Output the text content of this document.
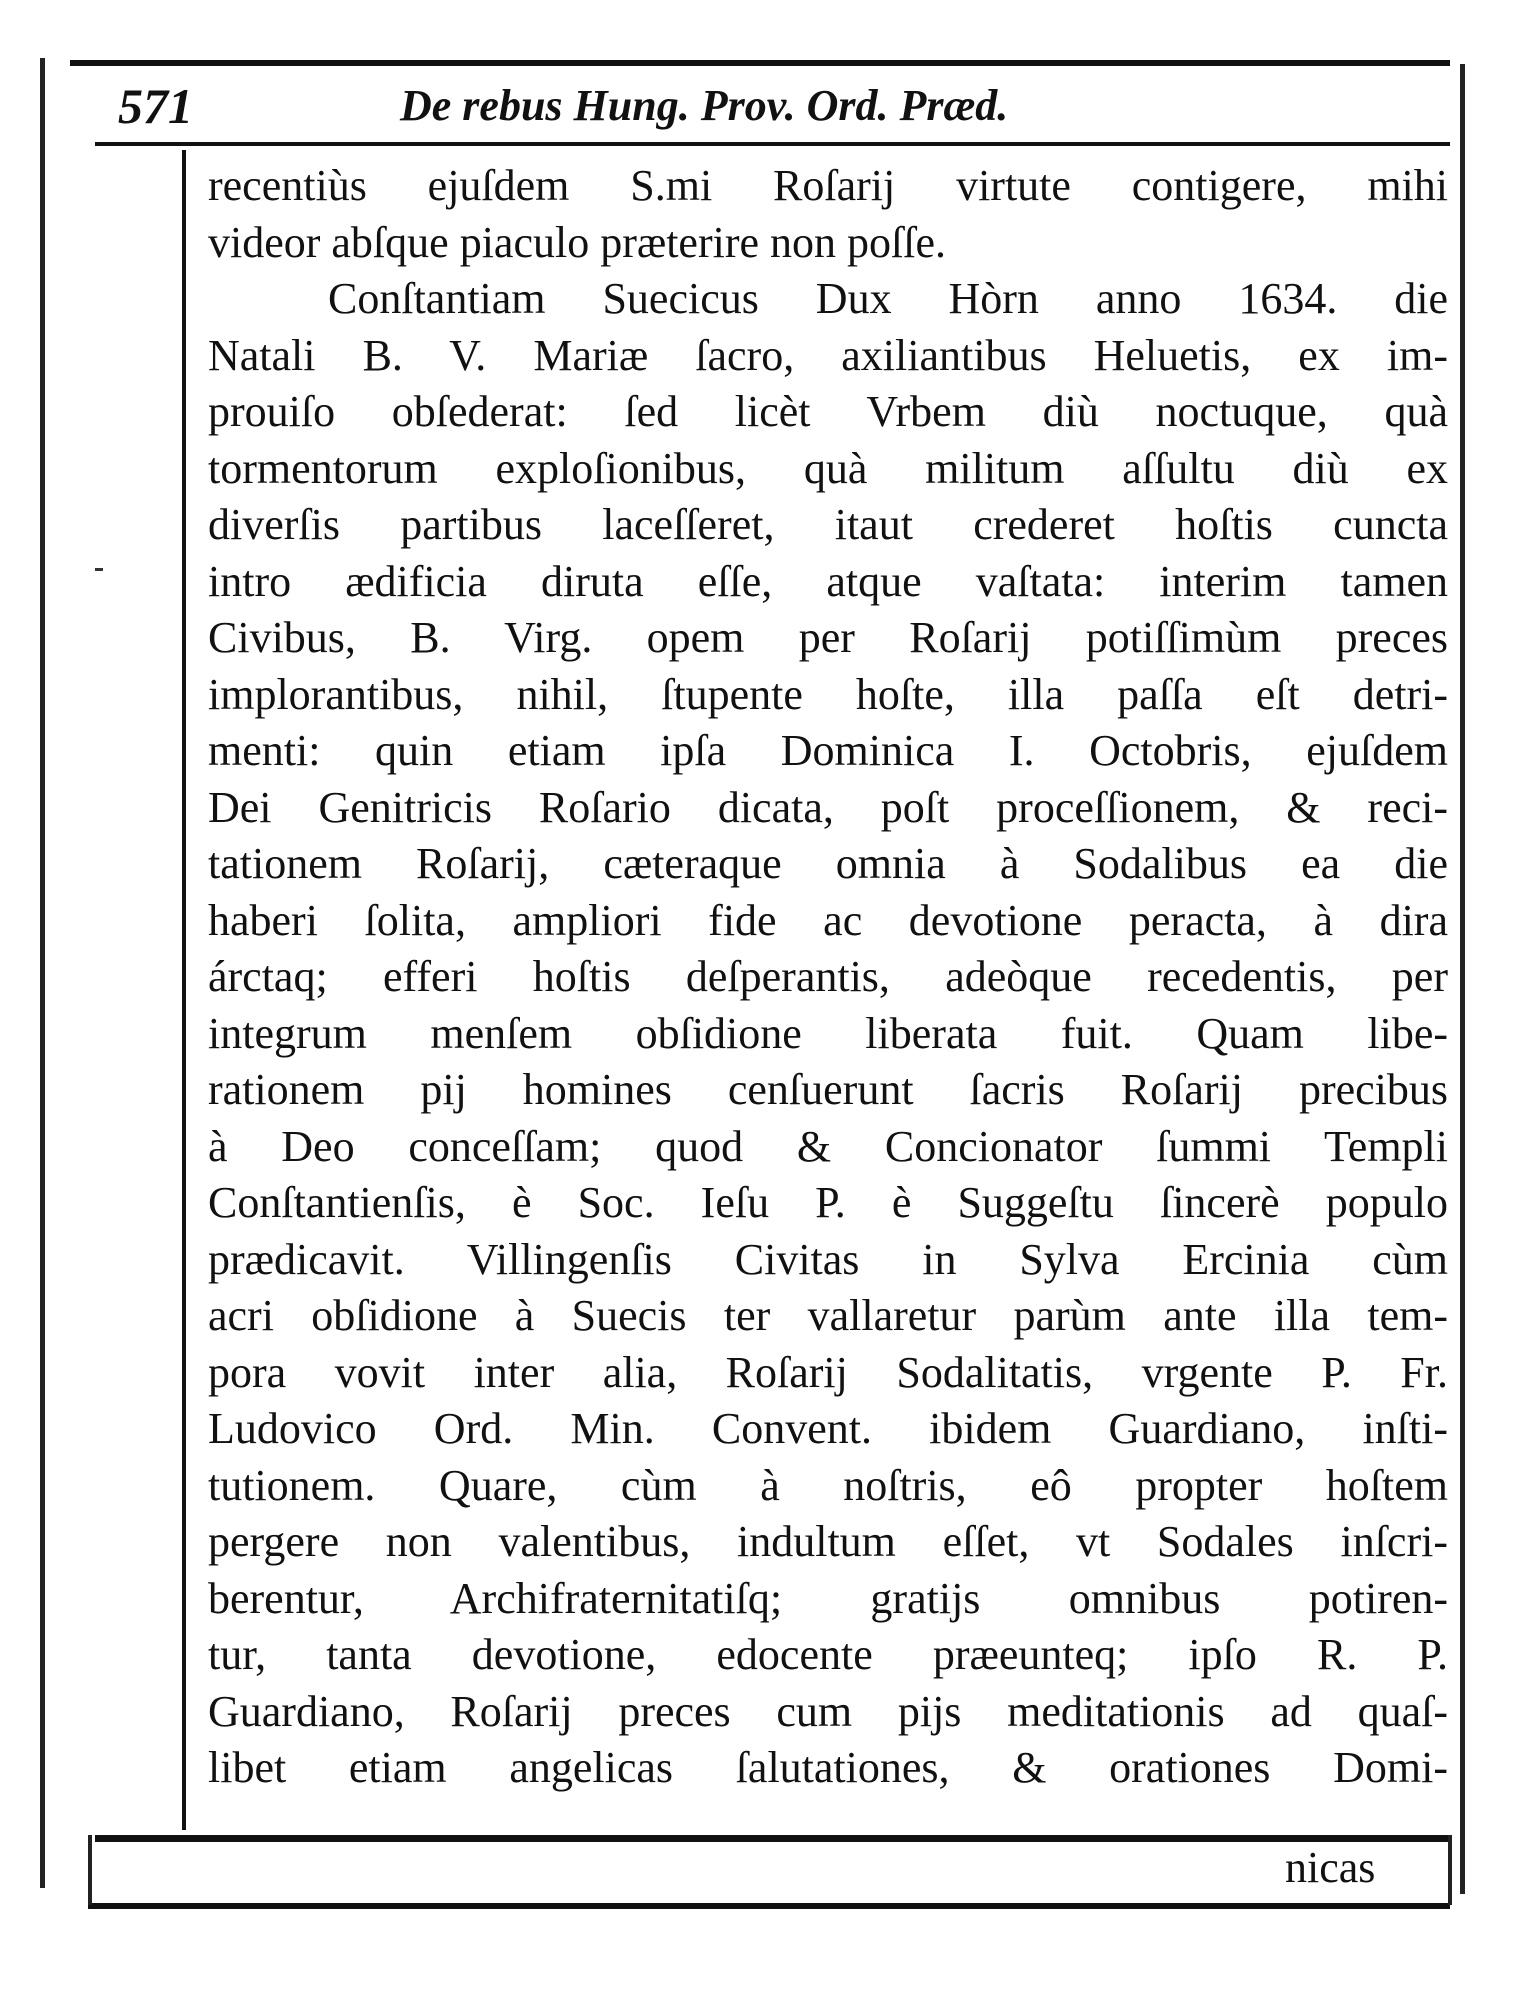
571	De rebus Hung. Prov. Ord. Præd.
recentiùs ejuſdem S.mi Roſarij virtute contigere, mihi
videor abſque piaculo præterire non poſſe.
Conſtantiam Suecicus Dux Hòrn anno 1634. die
Natali B. V. Mariæ ſacro, axiliantibus Heluetis, ex im-
prouiſo obſederat: ſed licèt Vrbem diù noctuque, quà
tormentorum exploſionibus, quà militum aſſultu diù ex
diverſis partibus laceſſeret, itaut crederet hoſtis cuncta
intro ædificia diruta eſſe, atque vaſtata: interim tamen
Civibus, B. Virg. opem per Roſarij potiſſimùm preces
implorantibus, nihil, ſtupente hoſte, illa paſſa eſt detri-
menti: quin etiam ipſa Dominica I. Octobris, ejuſdem
Dei Genitricis Roſario dicata, poſt proceſſionem, & reci-
tationem Roſarij, cæteraque omnia à Sodalibus ea die
haberi ſolita, ampliori fide ac devotione peracta, à dira
árctaq; efferi hoſtis deſperantis, adeòque recedentis, per
integrum menſem obſidione liberata fuit. Quam libe-
rationem pij homines cenſuerunt ſacris Roſarij precibus
à Deo conceſſam; quod & Concionator ſummi Templi
Conſtantienſis, è Soc. Ieſu P. è Suggeſtu ſincerè populo
prædicavit. Villingenſis Civitas in Sylva Ercinia cùm
acri obſidione à Suecis ter vallaretur parùm ante illa tem-
pora vovit inter alia, Roſarij Sodalitatis, vrgente P. Fr.
Ludovico Ord. Min. Convent. ibidem Guardiano, inſti-
tutionem. Quare, cùm à noſtris, eô propter hoſtem
pergere non valentibus, indultum eſſet, vt Sodales inſcri-
berentur, Archifraternitatiſq; gratijs omnibus potiren-
tur, tanta devotione, edocente præeunteq; ipſo R. P.
Guardiano, Roſarij preces cum pijs meditationis ad quaſ-
libet etiam angelicas ſalutationes, & orationes Domi-
nicas
